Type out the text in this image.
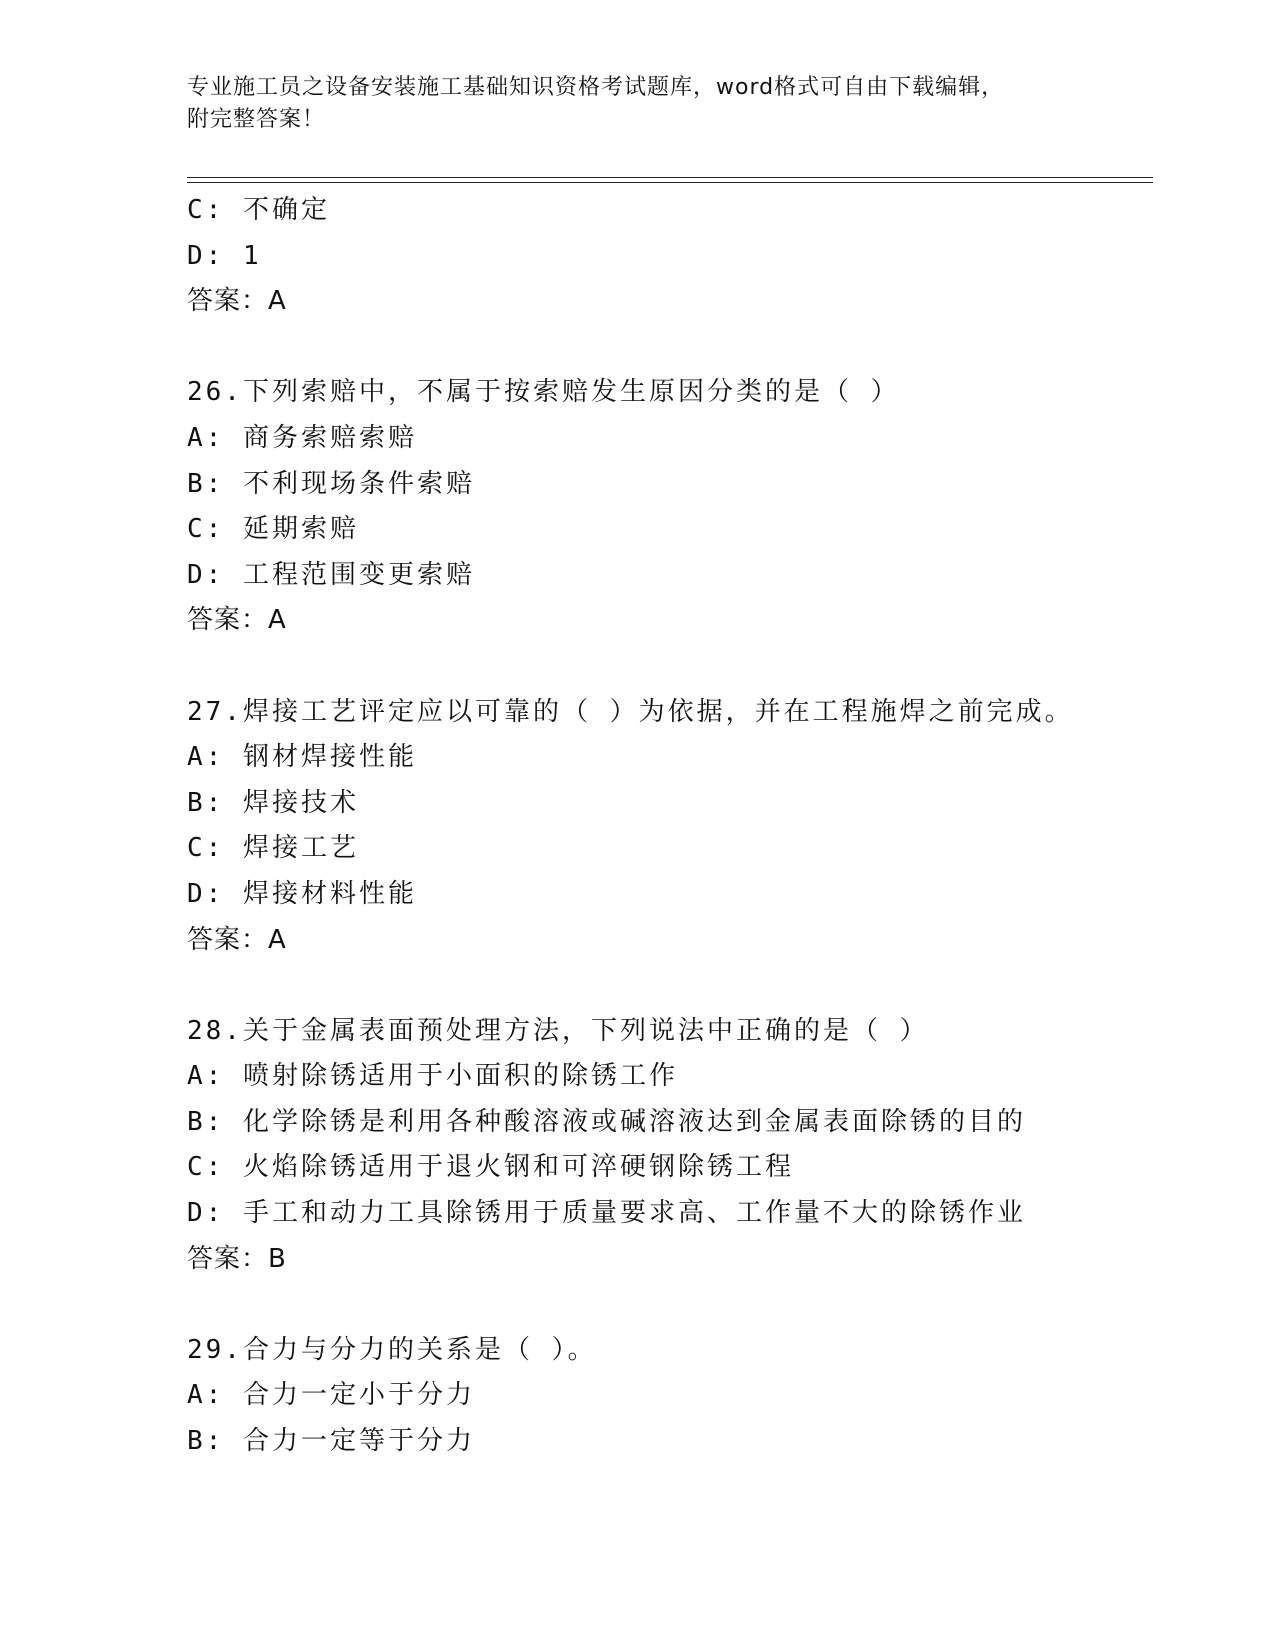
专业施工员之设备安装施工基础知识资格考试题库，word格式可自由下载编辑，
附完整答案！
C: 不确定
D: 1
答案：A
26.下列索赔中，不属于按索赔发生原因分类的是（ ）
A: 商务索赔索赔
B: 不利现场条件索赔
C: 延期索赔
D: 工程范围变更索赔
答案：A
27.焊接工艺评定应以可靠的（ ）为依据，并在工程施焊之前完成。
A: 钢材焊接性能
B: 焊接技术
C: 焊接工艺
D: 焊接材料性能
答案：A
28.关于金属表面预处理方法，下列说法中正确的是（ ）
A: 喷射除锈适用于小面积的除锈工作
B: 化学除锈是利用各种酸溶液或碱溶液达到金属表面除锈的目的
C: 火焰除锈适用于退火钢和可淬硬钢除锈工程
D: 手工和动力工具除锈用于质量要求高、工作量不大的除锈作业
答案：B
29.合力与分力的关系是（ ）。
A: 合力一定小于分力
B: 合力一定等于分力
